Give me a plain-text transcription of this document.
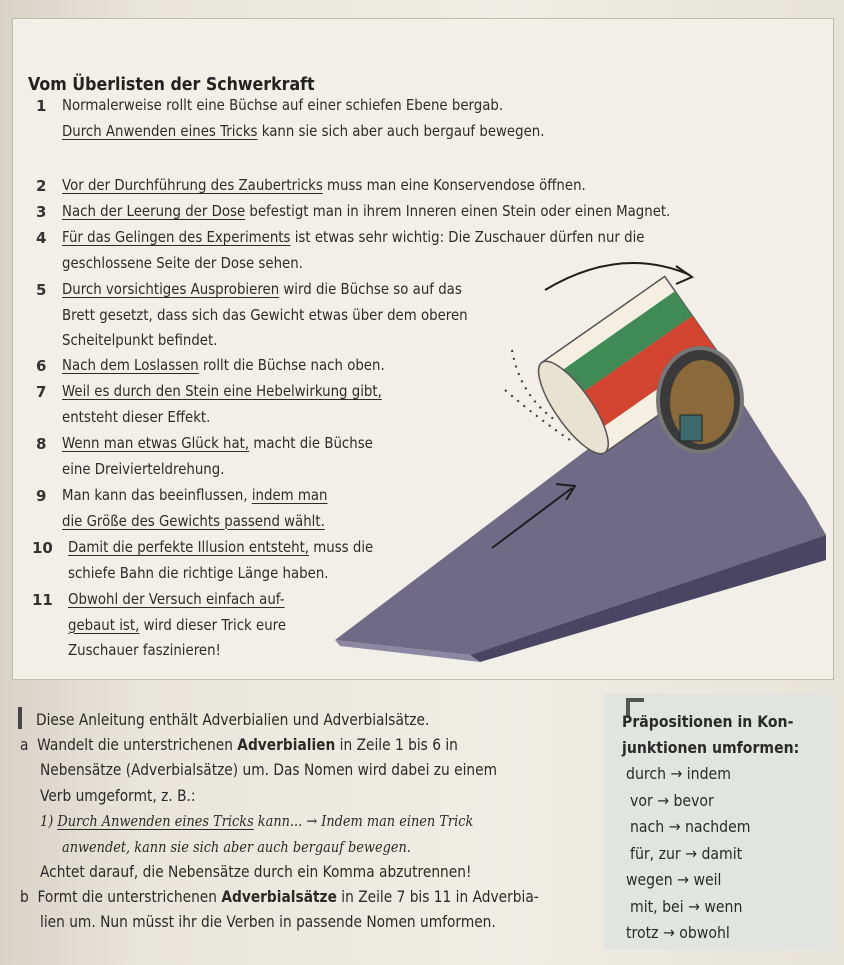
Vom Überlisten der Schwerkraft
1 Normalerweise rollt eine Büchse auf einer schiefen Ebene bergab.
Durch Anwenden eines Tricks kann sie sich aber auch bergauf bewegen.
2 Vor der Durchführung des Zaubertricks muss man eine Konservendose öffnen.
3 Nach der Leerung der Dose befestigt man in ihrem Inneren einen Stein oder einen Magnet.
4 Für das Gelingen des Experiments ist etwas sehr wichtig: Die Zuschauer dürfen nur die
geschlossene Seite der Dose sehen.
5 Durch vorsichtiges Ausprobieren wird die Büchse so auf das
Brett gesetzt, dass sich das Gewicht etwas über dem oberen
Scheitelpunkt befindet.
6 Nach dem Loslassen rollt die Büchse nach oben.
7 Weil es durch den Stein eine Hebelwirkung gibt,
entsteht dieser Effekt.
8 Wenn man etwas Glück hat, macht die Büchse
eine Dreivierteldrehung.
9 Man kann das beeinflussen, indem man
die Größe des Gewichts passend wählt.
10 Damit die perfekte Illusion entsteht, muss die
schiefe Bahn die richtige Länge haben.
11 Obwohl der Versuch einfach auf-
gebaut ist, wird dieser Trick eure
Zuschauer faszinieren!
Diese Anleitung enthält Adverbialien und Adverbialsätze.
a Wandelt die unterstrichenen Adverbialien in Zeile 1 bis 6 in
Nebensätze (Adverbialsätze) um. Das Nomen wird dabei zu einem
Verb umgeformt, z. B.:
1) Durch Anwenden eines Tricks kann... → Indem man einen Trick
anwendet, kann sie sich aber auch bergauf bewegen.
Achtet darauf, die Nebensätze durch ein Komma abzutrennen!
b Formt die unterstrichenen Adverbialsätze in Zeile 7 bis 11 in Adverbia-
lien um. Nun müsst ihr die Verben in passende Nomen umformen.
Präpositionen in Kon-
junktionen umformen:
durch → indem
vor → bevor
nach → nachdem
für, zur → damit
wegen → weil
mit, bei → wenn
trotz → obwohl
